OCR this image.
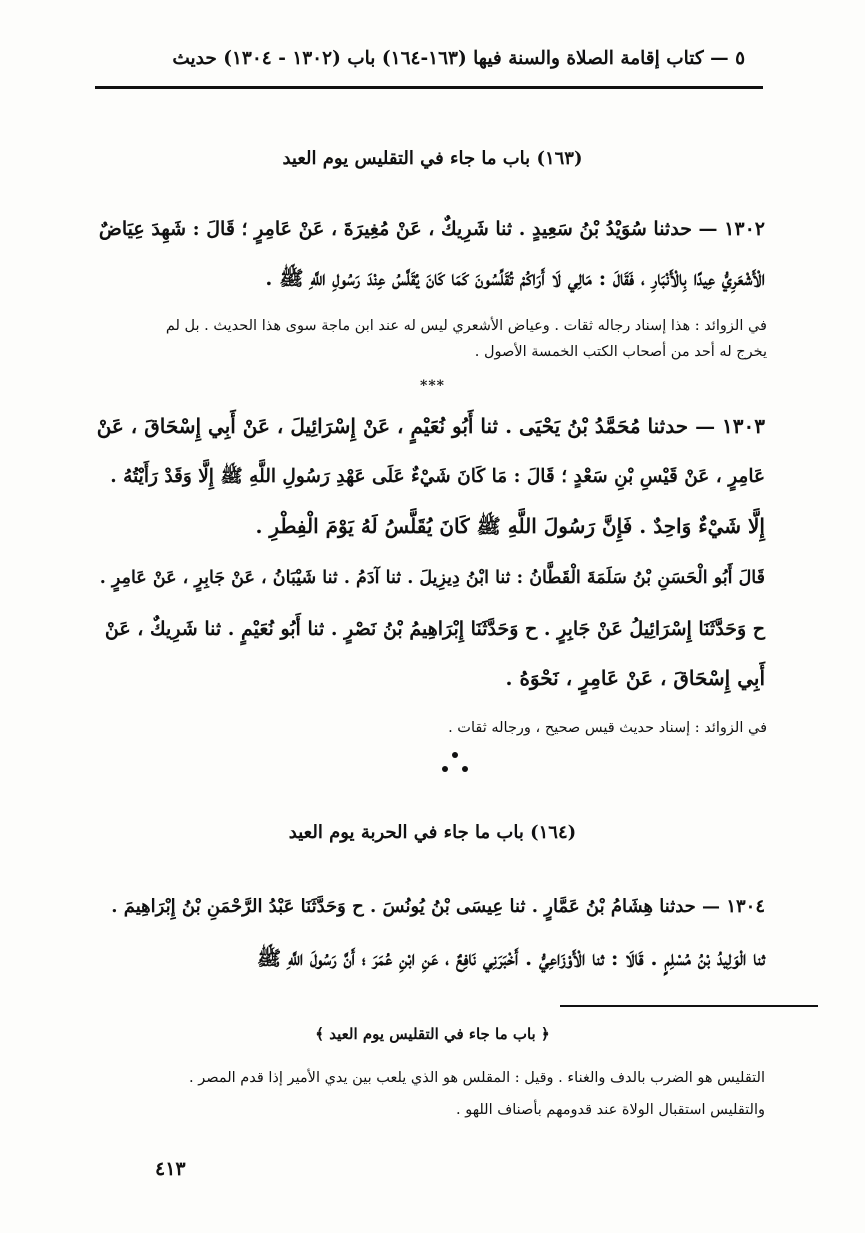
٥ — كتاب إقامة الصلاة والسنة فيها (١٦٣-١٦٤) باب (١٣٠٢ - ١٣٠٤) حديث
(١٦٣) باب ما جاء في التقليس يوم العيد
١٣٠٢ — حدثنا سُوَيْدُ بْنُ سَعِيدٍ . ثنا شَرِيكٌ ، عَنْ مُغِيرَةَ ، عَنْ عَامِرٍ ؛ قَالَ : شَهِدَ عِيَاضٌ
الْأَشْعَرِيُّ عِيدًا بِالْأَنْبَارِ ، فَقَالَ : مَالِي لَا أَرَاكُمْ تُقَلِّسُونَ كَمَا كَانَ يُقَلَّسُ عِنْدَ رَسُولِ اللَّهِ ﷺ .
في الزوائد : هذا إسناد رجاله ثقات . وعياض الأشعري ليس له عند ابن ماجة سوى هذا الحديث . بل لم
يخرج له أحد من أصحاب الكتب الخمسة الأصول .
***
١٣٠٣ — حدثنا مُحَمَّدُ بْنُ يَحْيَى . ثنا أَبُو نُعَيْمٍ ، عَنْ إِسْرَائِيلَ ، عَنْ أَبِي إِسْحَاقَ ، عَنْ
عَامِرٍ ، عَنْ قَيْسِ بْنِ سَعْدٍ ؛ قَالَ : مَا كَانَ شَيْءٌ عَلَى عَهْدِ رَسُولِ اللَّهِ ﷺ إِلَّا وَقَدْ رَأَيْتُهُ .
إِلَّا شَيْءٌ وَاحِدٌ . فَإِنَّ رَسُولَ اللَّهِ ﷺ كَانَ يُقَلَّسُ لَهُ يَوْمَ الْفِطْرِ .
قَالَ أَبُو الْحَسَنِ بْنُ سَلَمَةَ الْقَطَّانُ : ثنا ابْنُ دِيزِيلَ . ثنا آدَمُ . ثنا شَيْبَانُ ، عَنْ جَابِرٍ ، عَنْ عَامِرٍ .
ح وَحَدَّثَنَا إِسْرَائِيلُ عَنْ جَابِرٍ . ح وَحَدَّثَنَا إِبْرَاهِيمُ بْنُ نَصْرٍ . ثنا أَبُو نُعَيْمٍ . ثنا شَرِيكٌ ، عَنْ
أَبِي إِسْحَاقَ ، عَنْ عَامِرٍ ، نَحْوَهُ .
في الزوائد : إسناد حديث قيس صحيح ، ورجاله ثقات .
(١٦٤) باب ما جاء في الحربة يوم العيد
١٣٠٤ — حدثنا هِشَامُ بْنُ عَمَّارٍ . ثنا عِيسَى بْنُ يُونُسَ . ح وَحَدَّثَنَا عَبْدُ الرَّحْمَنِ بْنُ إِبْرَاهِيمَ .
ثنا الْوَلِيدُ بْنُ مُسْلِمٍ . قَالَا : ثنا الْأَوْزَاعِيُّ . أَخْبَرَنِي نَافِعٌ ، عَنِ ابْنِ عُمَرَ ؛ أَنَّ رَسُولَ اللَّهِ ﷺ
﴿ باب ما جاء في التقليس يوم العيد ﴾
التقليس هو الضرب بالدف والغناء . وقيل : المقلس هو الذي يلعب بين يدي الأمير إذا قدم المصر .
والتقليس استقبال الولاة عند قدومهم بأصناف اللهو .
٤١٣
